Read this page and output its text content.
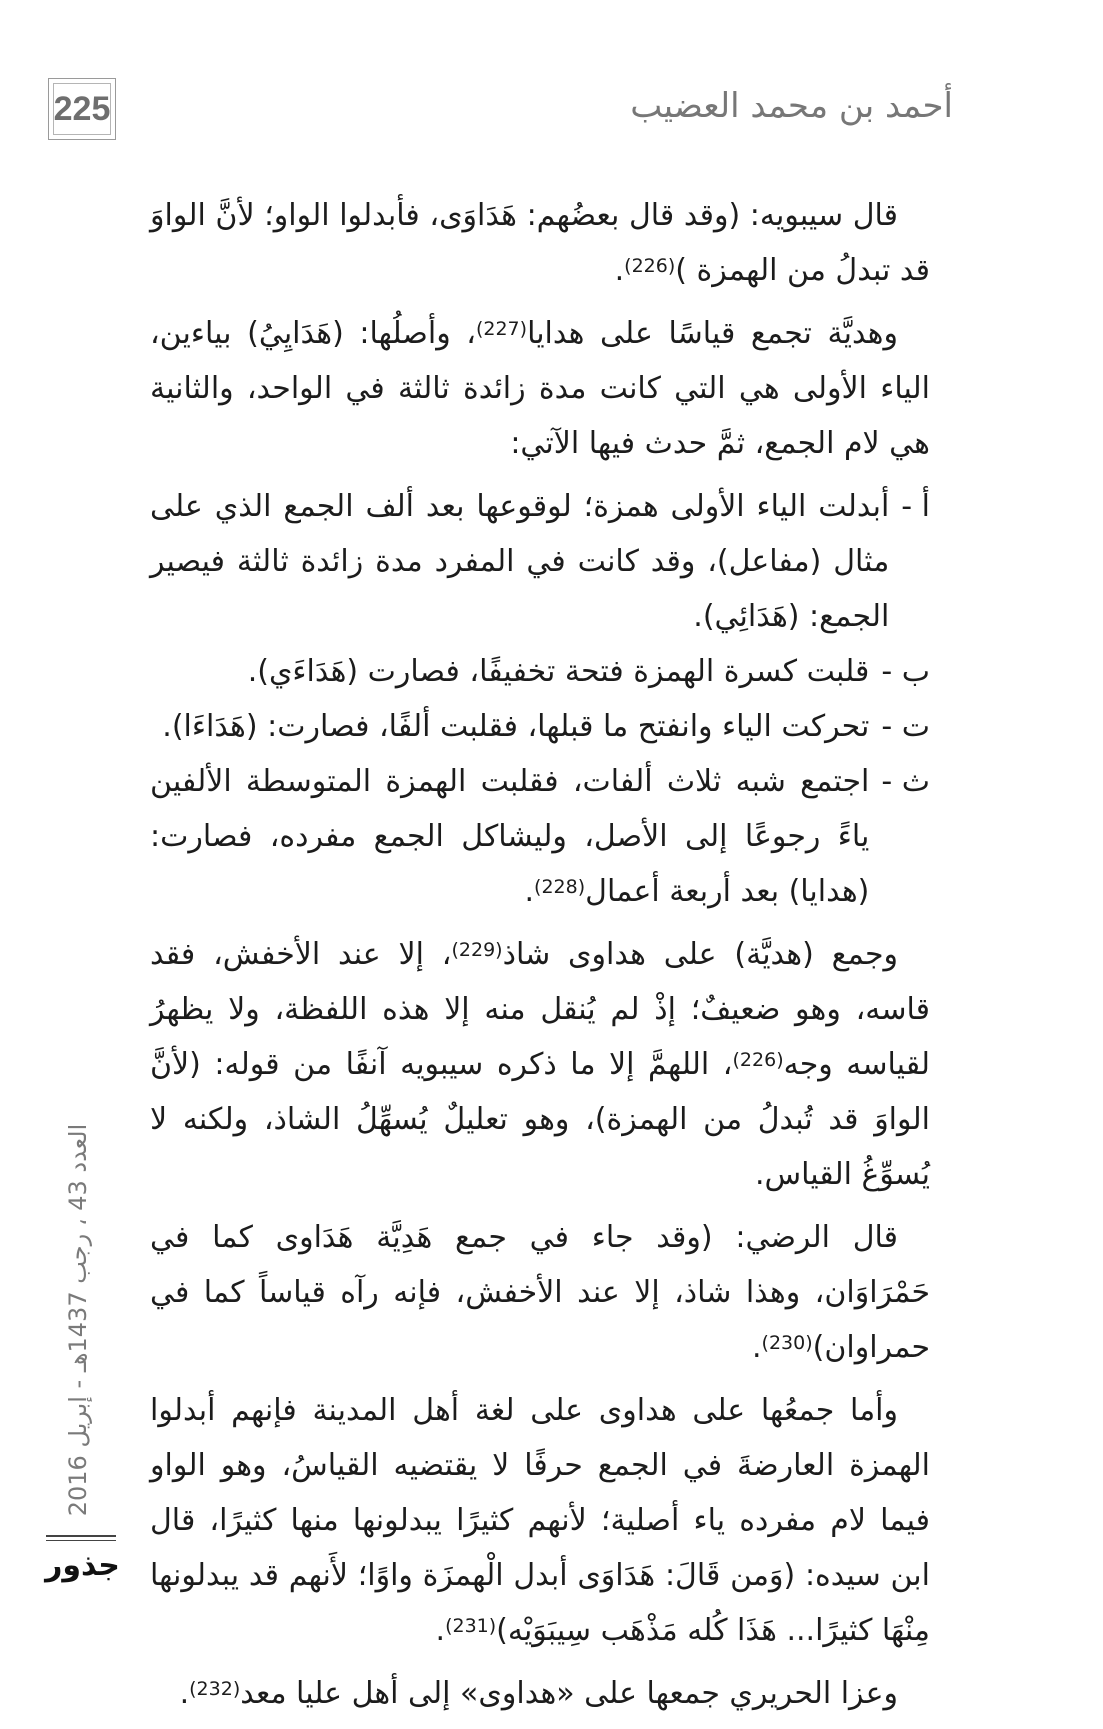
225	أحمد بن محمد العضيب

قال سيبويه: (وقد قال بعضُهم: هَدَاوَى، فأبدلوا الواو؛ لأنَّ الواوَ قد تبدلُ من الهمزة )$^{(226)}$.

وهديَّة تجمع قياسًا على هدايا$^{(227)}$، وأصلُها: (هَدَايِيُ) بياءين، الياء الأولى هي التي كانت مدة زائدة ثالثة في الواحد، والثانية هي لام الجمع، ثمَّ حدث فيها الآتي:

أ -
أبدلت الياء الأولى همزة؛ لوقوعها بعد ألف الجمع الذي على مثال (مفاعل)، وقد كانت في المفرد مدة زائدة ثالثة فيصير الجمع: (هَدَائِي).
ب -
قلبت كسرة الهمزة فتحة تخفيفًا، فصارت (هَدَاءَي).
ت -
تحركت الياء وانفتح ما قبلها، فقلبت ألفًا، فصارت: (هَدَاءَا).
ث -
اجتمع شبه ثلاث ألفات، فقلبت الهمزة المتوسطة الألفين ياءً رجوعًا إلى الأصل، وليشاكل الجمع مفرده، فصارت: (هدايا) بعد أربعة أعمال$^{(228)}$.

وجمع (هديَّة) على هداوى شاذ$^{(229)}$، إلا عند الأخفش، فقد قاسه، وهو ضعيفٌ؛ إذْ لم يُنقل منه إلا هذه اللفظة، ولا يظهرُ لقياسه وجه$^{(226)}$، اللهمَّ إلا ما ذكره سيبويه آنفًا من قوله: (لأنَّ الواوَ قد تُبدلُ من الهمزة)، وهو تعليلٌ يُسهِّلُ الشاذ، ولكنه لا يُسوِّغُ القياس.

قال الرضي: (وقد جاء في جمع هَدِيَّة هَدَاوى كما في حَمْرَاوَان، وهذا شاذ، إلا عند الأخفش، فإنه رآه قياساً كما في حمراوان)$^{(230)}$.

وأما جمعُها على هداوى على لغة أهل المدينة فإنهم أبدلوا الهمزة العارضةَ في الجمع حرفًا لا يقتضيه القياسُ، وهو الواو فيما لام مفرده ياء أصلية؛ لأنهم كثيرًا يبدلونها منها كثيرًا، قال ابن سيده: (وَمن قَالَ: هَدَاوَى أبدل الْهمزَة واوًا؛ لأَنهم قد يبدلونها مِنْهَا كثيرًا... هَذَا كُله مَذْهَب سِيبَوَيْه)$^{(231)}$.

وعزا الحريري جمعها على «هداوى» إلى أهل عليا معد$^{(232)}$.

العدد 43 ، رجب 1437هـ - إبريل 2016
جذور
